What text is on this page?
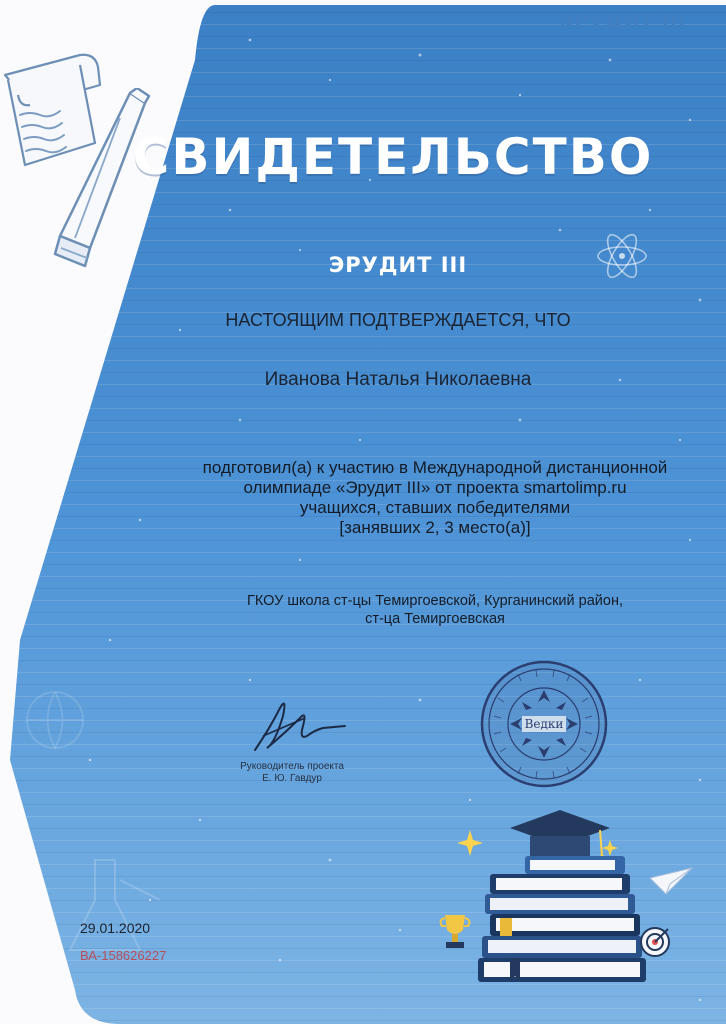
ЭРУДИТ III
СВИДЕТЕЛЬСТВО
ЭРУДИТ III
НАСТОЯЩИМ ПОДТВЕРЖДАЕТСЯ, ЧТО
Иванова Наталья Николаевна
подготовил(а) к участию в Международной дистанционной
олимпиаде «Эрудит III» от проекта smartolimp.ru
учащихся, ставших победителями
[занявших 2, 3 место(а)]
ГКОУ школа ст-цы Темиргоевской, Курганинский район,
ст-ца Темиргоевская
Руководитель проекта
Е. Ю. Гавдур
Ведки
29.01.2020
ВА-158626227
